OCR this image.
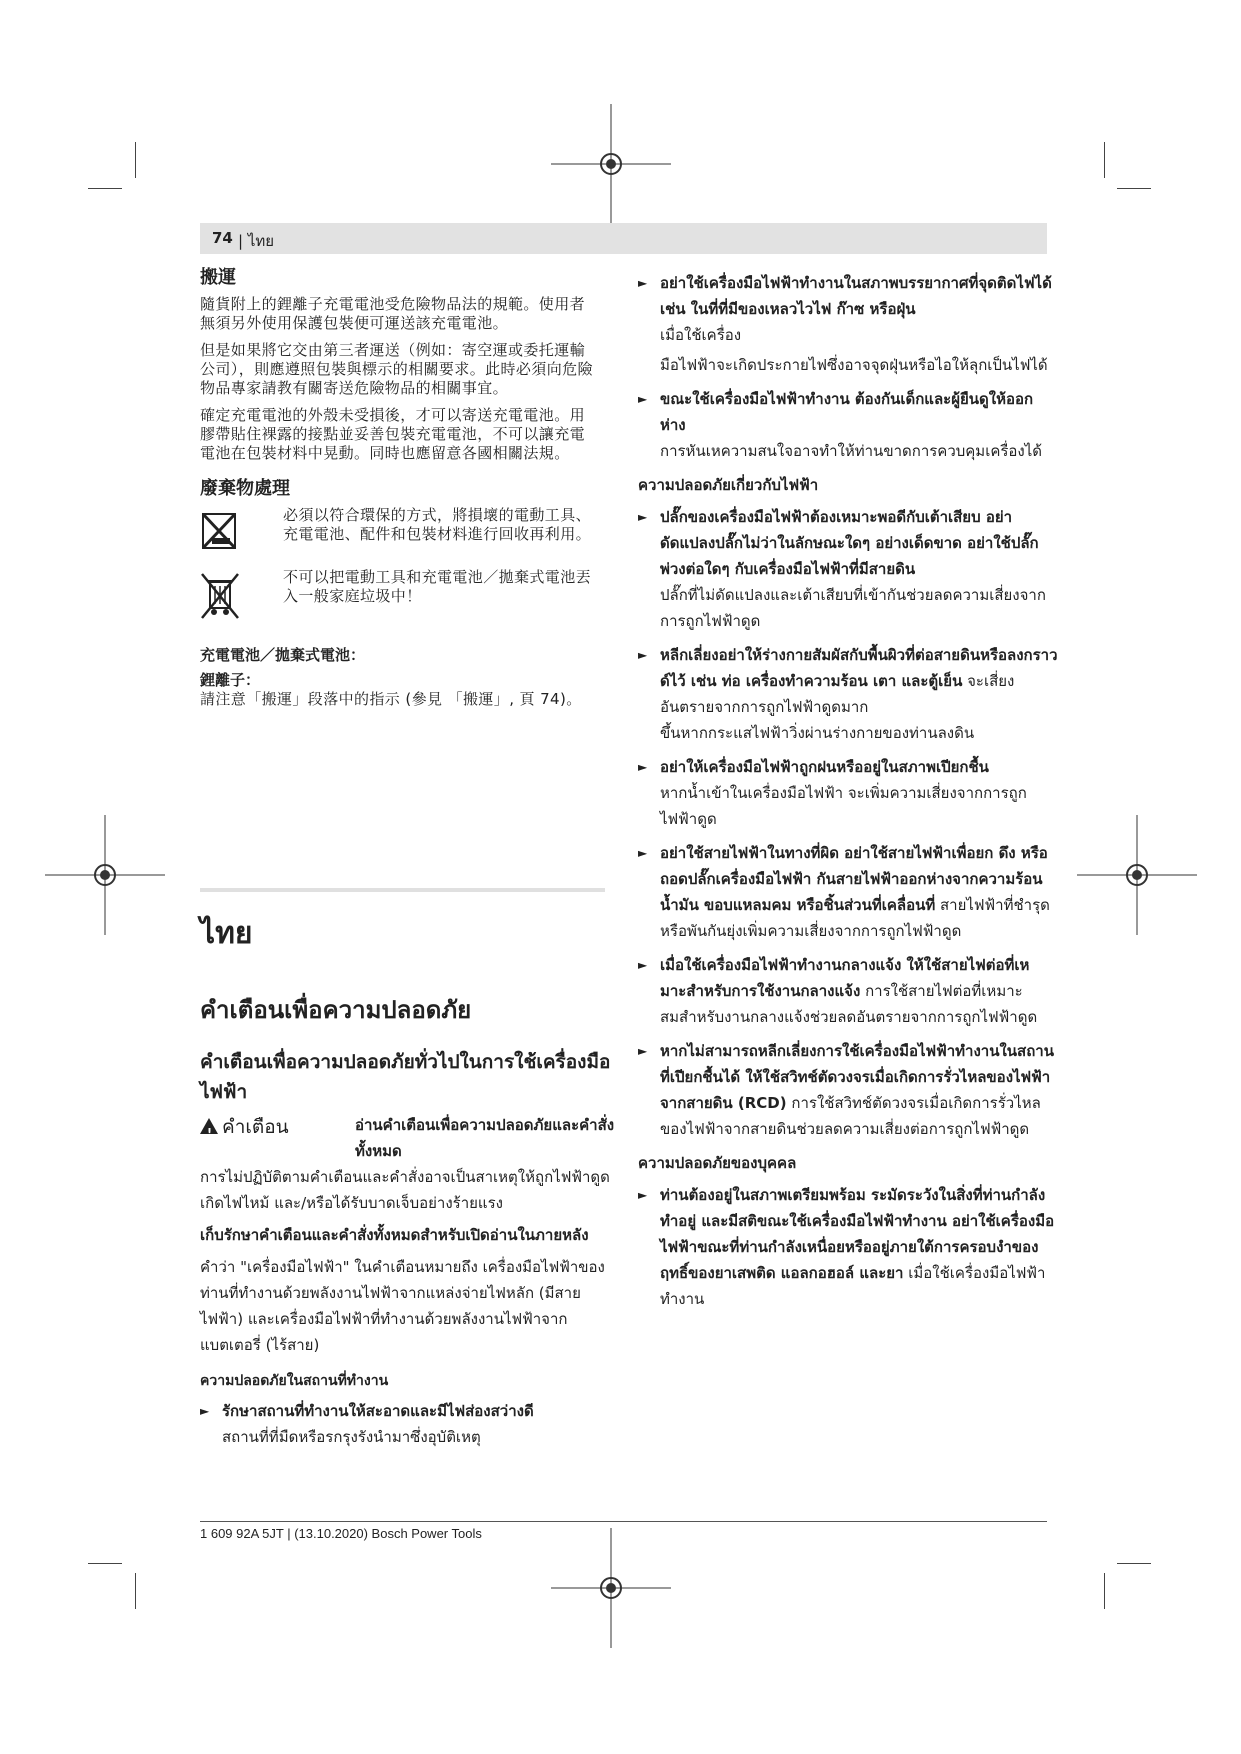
74 | ไทย
搬運

隨貨附上的鋰離子充電電池受危險物品法的規範。使用者無須另外使用保護包裝便可運送該充電電池。

但是如果將它交由第三者運送（例如：寄空運或委托運輸公司），則應遵照包裝與標示的相關要求。此時必須向危險物品專家請教有關寄送危險物品的相關事宜。

確定充電電池的外殼未受損後，才可以寄送充電電池。用膠帶貼住裸露的接點並妥善包裝充電電池，不可以讓充電電池在包裝材料中晃動。同時也應留意各國相關法規。

廢棄物處理
必須以符合環保的方式，將損壞的電動工具、充電電池、配件和包裝材料進行回收再利用。
不可以把電動工具和充電電池／拋棄式電池丟入一般家庭垃圾中！

充電電池／拋棄式電池：

鋰離子：

請注意「搬運」段落中的指示 (參見 「搬運」, 頁 74)。

ไทย
คําเตือนเพื่อความปลอดภัย
คําเตือนเพื่อความปลอดภัยทั่วไปในการใช้เครื่องมือไฟฟ้า
!คําเตือน	อ่านคําเตือนเพื่อความปลอดภัยและคําสั่งทั้งหมด
การไม่ปฏิบัติตามคําเตือนและคําสั่งอาจเป็นสาเหตุให้ถูกไฟฟ้าดูด เกิดไฟไหม้ และ/หรือได้รับบาดเจ็บอย่างร้ายแรง
เก็บรักษาคําเตือนและคําสั่งทั้งหมดสําหรับเปิดอ่านในภายหลัง
คําว่า "เครื่องมือไฟฟ้า" ในคําเตือนหมายถึง เครื่องมือไฟฟ้าของท่านที่ทํางานด้วยพลังงานไฟฟ้าจากแหล่งจ่ายไฟหลัก (มีสายไฟฟ้า) และเครื่องมือไฟฟ้าที่ทํางานด้วยพลังงานไฟฟ้าจากแบตเตอรี่ (ไร้สาย)
ความปลอดภัยในสถานที่ทํางาน
► รักษาสถานที่ทํางานให้สะอาดและมีไฟส่องสว่างดี
สถานที่ที่มืดหรือรกรุงรังนํามาซึ่งอุบัติเหตุ
► อย่าใช้เครื่องมือไฟฟ้าทํางานในสภาพบรรยากาศที่จุดติดไฟได้ เช่น ในที่ที่มีของเหลวไวไฟ ก๊าซ หรือฝุ่น
เมื่อใช้เครื่อง
มือไฟฟ้าจะเกิดประกายไฟซึ่งอาจจุดฝุ่นหรือไอให้ลุกเป็นไฟได้
► ขณะใช้เครื่องมือไฟฟ้าทํางาน ต้องกันเด็กและผู้ยืนดูให้ออกห่าง
การหันเหความสนใจอาจทําให้ท่านขาดการควบคุมเครื่องได้
ความปลอดภัยเกี่ยวกับไฟฟ้า
► ปลั๊กของเครื่องมือไฟฟ้าต้องเหมาะพอดีกับเต้าเสียบ อย่าดัดแปลงปลั๊กไม่ว่าในลักษณะใดๆ อย่างเด็ดขาด อย่าใช้ปลั๊กพ่วงต่อใดๆ กับเครื่องมือไฟฟ้าที่มีสายดิน
ปลั๊กที่ไม่ดัดแปลงและเต้าเสียบที่เข้ากันช่วยลดความเสี่ยงจากการถูกไฟฟ้าดูด
► หลีกเลี่ยงอย่าให้ร่างกายสัมผัสกับพื้นผิวที่ต่อสายดินหรือลงกราวด์ไว้ เช่น ท่อ เครื่องทําความร้อน เตา และตู้เย็น จะเสี่ยงอันตรายจากการถูกไฟฟ้าดูดมาก
ขึ้นหากกระแสไฟฟ้าวิ่งผ่านร่างกายของท่านลงดิน
► อย่าให้เครื่องมือไฟฟ้าถูกฝนหรืออยู่ในสภาพเปียกชื้น
หากน้ำเข้าในเครื่องมือไฟฟ้า จะเพิ่มความเสี่ยงจากการถูกไฟฟ้าดูด
► อย่าใช้สายไฟฟ้าในทางที่ผิด อย่าใช้สายไฟฟ้าเพื่อยก ดึง หรือถอดปลั๊กเครื่องมือไฟฟ้า กันสายไฟฟ้าออกห่างจากความร้อน น้ำมัน ขอบแหลมคม หรือชิ้นส่วนที่เคลื่อนที่ สายไฟฟ้าที่ชํารุดหรือพันกันยุ่งเพิ่มความเสี่ยงจากการถูกไฟฟ้าดูด
► เมื่อใช้เครื่องมือไฟฟ้าทํางานกลางแจ้ง ให้ใช้สายไฟต่อที่เหมาะสําหรับการใช้งานกลางแจ้ง การใช้สายไฟต่อที่เหมาะสมสําหรับงานกลางแจ้งช่วยลดอันตรายจากการถูกไฟฟ้าดูด
► หากไม่สามารถหลีกเลี่ยงการใช้เครื่องมือไฟฟ้าทํางานในสถานที่เปียกชื้นได้ ให้ใช้สวิทช์ตัดวงจรเมื่อเกิดการรั่วไหลของไฟฟ้าจากสายดิน (RCD) การใช้สวิทช์ตัดวงจรเมื่อเกิดการรั่วไหลของไฟฟ้าจากสายดินช่วยลดความเสี่ยงต่อการถูกไฟฟ้าดูด
ความปลอดภัยของบุคคล
► ท่านต้องอยู่ในสภาพเตรียมพร้อม ระมัดระวังในสิ่งที่ท่านกําลังทําอยู่ และมีสติขณะใช้เครื่องมือไฟฟ้าทํางาน อย่าใช้เครื่องมือไฟฟ้าขณะที่ท่านกําลังเหนื่อยหรืออยู่ภายใต้การครอบงําของฤทธิ์ของยาเสพติด แอลกอฮอล์ และยา เมื่อใช้เครื่องมือไฟฟ้าทํางาน
1 609 92A 5JT | (13.10.2020) Bosch Power Tools
